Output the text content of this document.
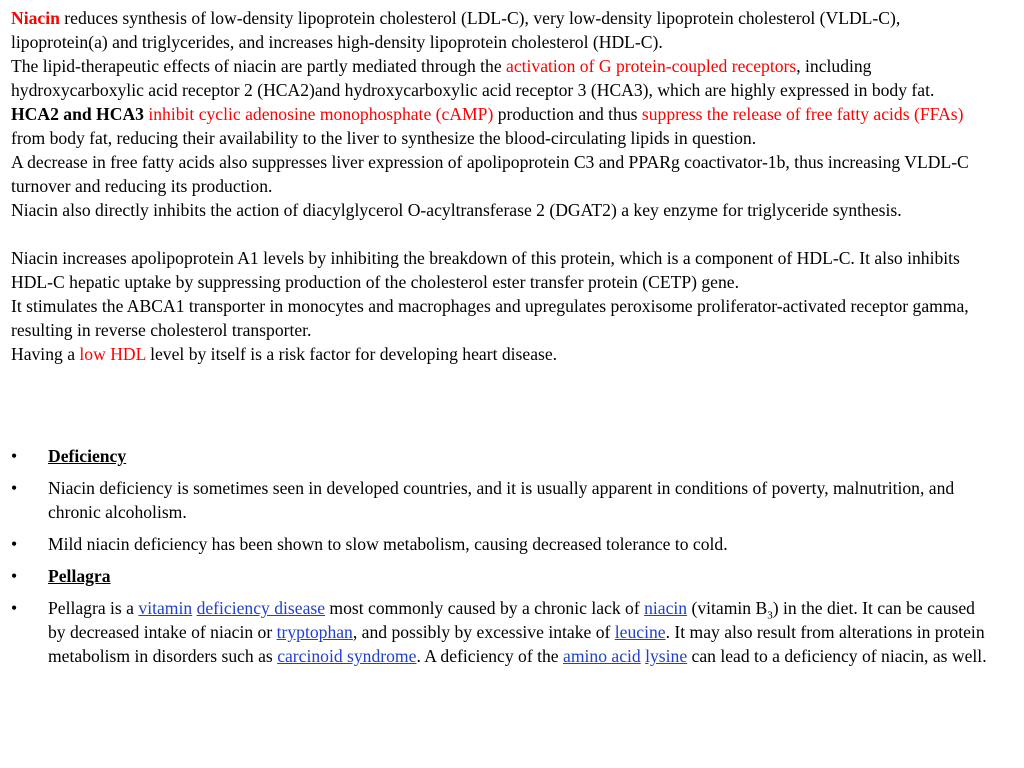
Niacin reduces synthesis of low-density lipoprotein cholesterol (LDL-C), very low-density lipoprotein cholesterol (VLDL-C), lipoprotein(a) and triglycerides, and increases high-density lipoprotein cholesterol (HDL-C).

The lipid-therapeutic effects of niacin are partly mediated through the activation of G protein-coupled receptors, including hydroxycarboxylic acid receptor 2 (HCA2)and hydroxycarboxylic acid receptor 3 (HCA3), which are highly expressed in body fat.

HCA2 and HCA3 inhibit cyclic adenosine monophosphate (cAMP) production and thus suppress the release of free fatty acids (FFAs) from body fat, reducing their availability to the liver to synthesize the blood-circulating lipids in question.

A decrease in free fatty acids also suppresses liver expression of apolipoprotein C3 and PPARg coactivator-1b, thus increasing VLDL-C turnover and reducing its production.

Niacin also directly inhibits the action of diacylglycerol O-acyltransferase 2 (DGAT2) a key enzyme for triglyceride synthesis.

Niacin increases apolipoprotein A1 levels by inhibiting the breakdown of this protein, which is a component of HDL-C. It also inhibits HDL-C hepatic uptake by suppressing production of the cholesterol ester transfer protein (CETP) gene.

It stimulates the ABCA1 transporter in monocytes and macrophages and upregulates peroxisome proliferator-activated receptor gamma, resulting in reverse cholesterol transporter.

Having a low HDL level by itself is a risk factor for developing heart disease.

• Deficiency
• Niacin deficiency is sometimes seen in developed countries, and it is usually apparent in conditions of poverty, malnutrition, and chronic alcoholism.
• Mild niacin deficiency has been shown to slow metabolism, causing decreased tolerance to cold.
• Pellagra
• Pellagra is a vitamin deficiency disease most commonly caused by a chronic lack of niacin (vitamin $B_3$) in the diet. It can be caused by decreased intake of niacin or tryptophan, and possibly by excessive intake of leucine. It may also result from alterations in protein metabolism in disorders such as carcinoid syndrome. A deficiency of the amino acid lysine can lead to a deficiency of niacin, as well.
